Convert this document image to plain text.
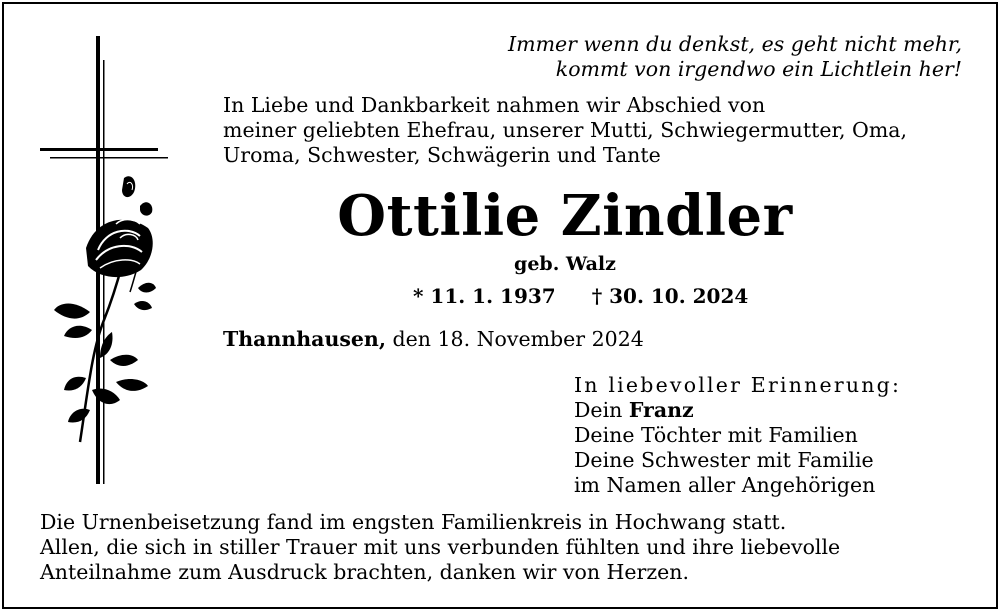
Immer wenn du denkst, es geht nicht mehr,
kommt von irgendwo ein Lichtlein her!
In Liebe und Dankbarkeit nahmen wir Abschied von
meiner geliebten Ehefrau, unserer Mutti, Schwiegermutter, Oma,
Uroma, Schwester, Schwägerin und Tante
Ottilie Zindler
geb. Walz
* 11. 1. 1937 † 30. 10. 2024
Thannhausen, den 18. November 2024
In liebevoller Erinnerung:
Dein Franz
Deine Töchter mit Familien
Deine Schwester mit Familie
im Namen aller Angehörigen
Die Urnenbeisetzung fand im engsten Familienkreis in Hochwang statt.
Allen, die sich in stiller Trauer mit uns verbunden fühlten und ihre liebevolle
Anteilnahme zum Ausdruck brachten, danken wir von Herzen.
